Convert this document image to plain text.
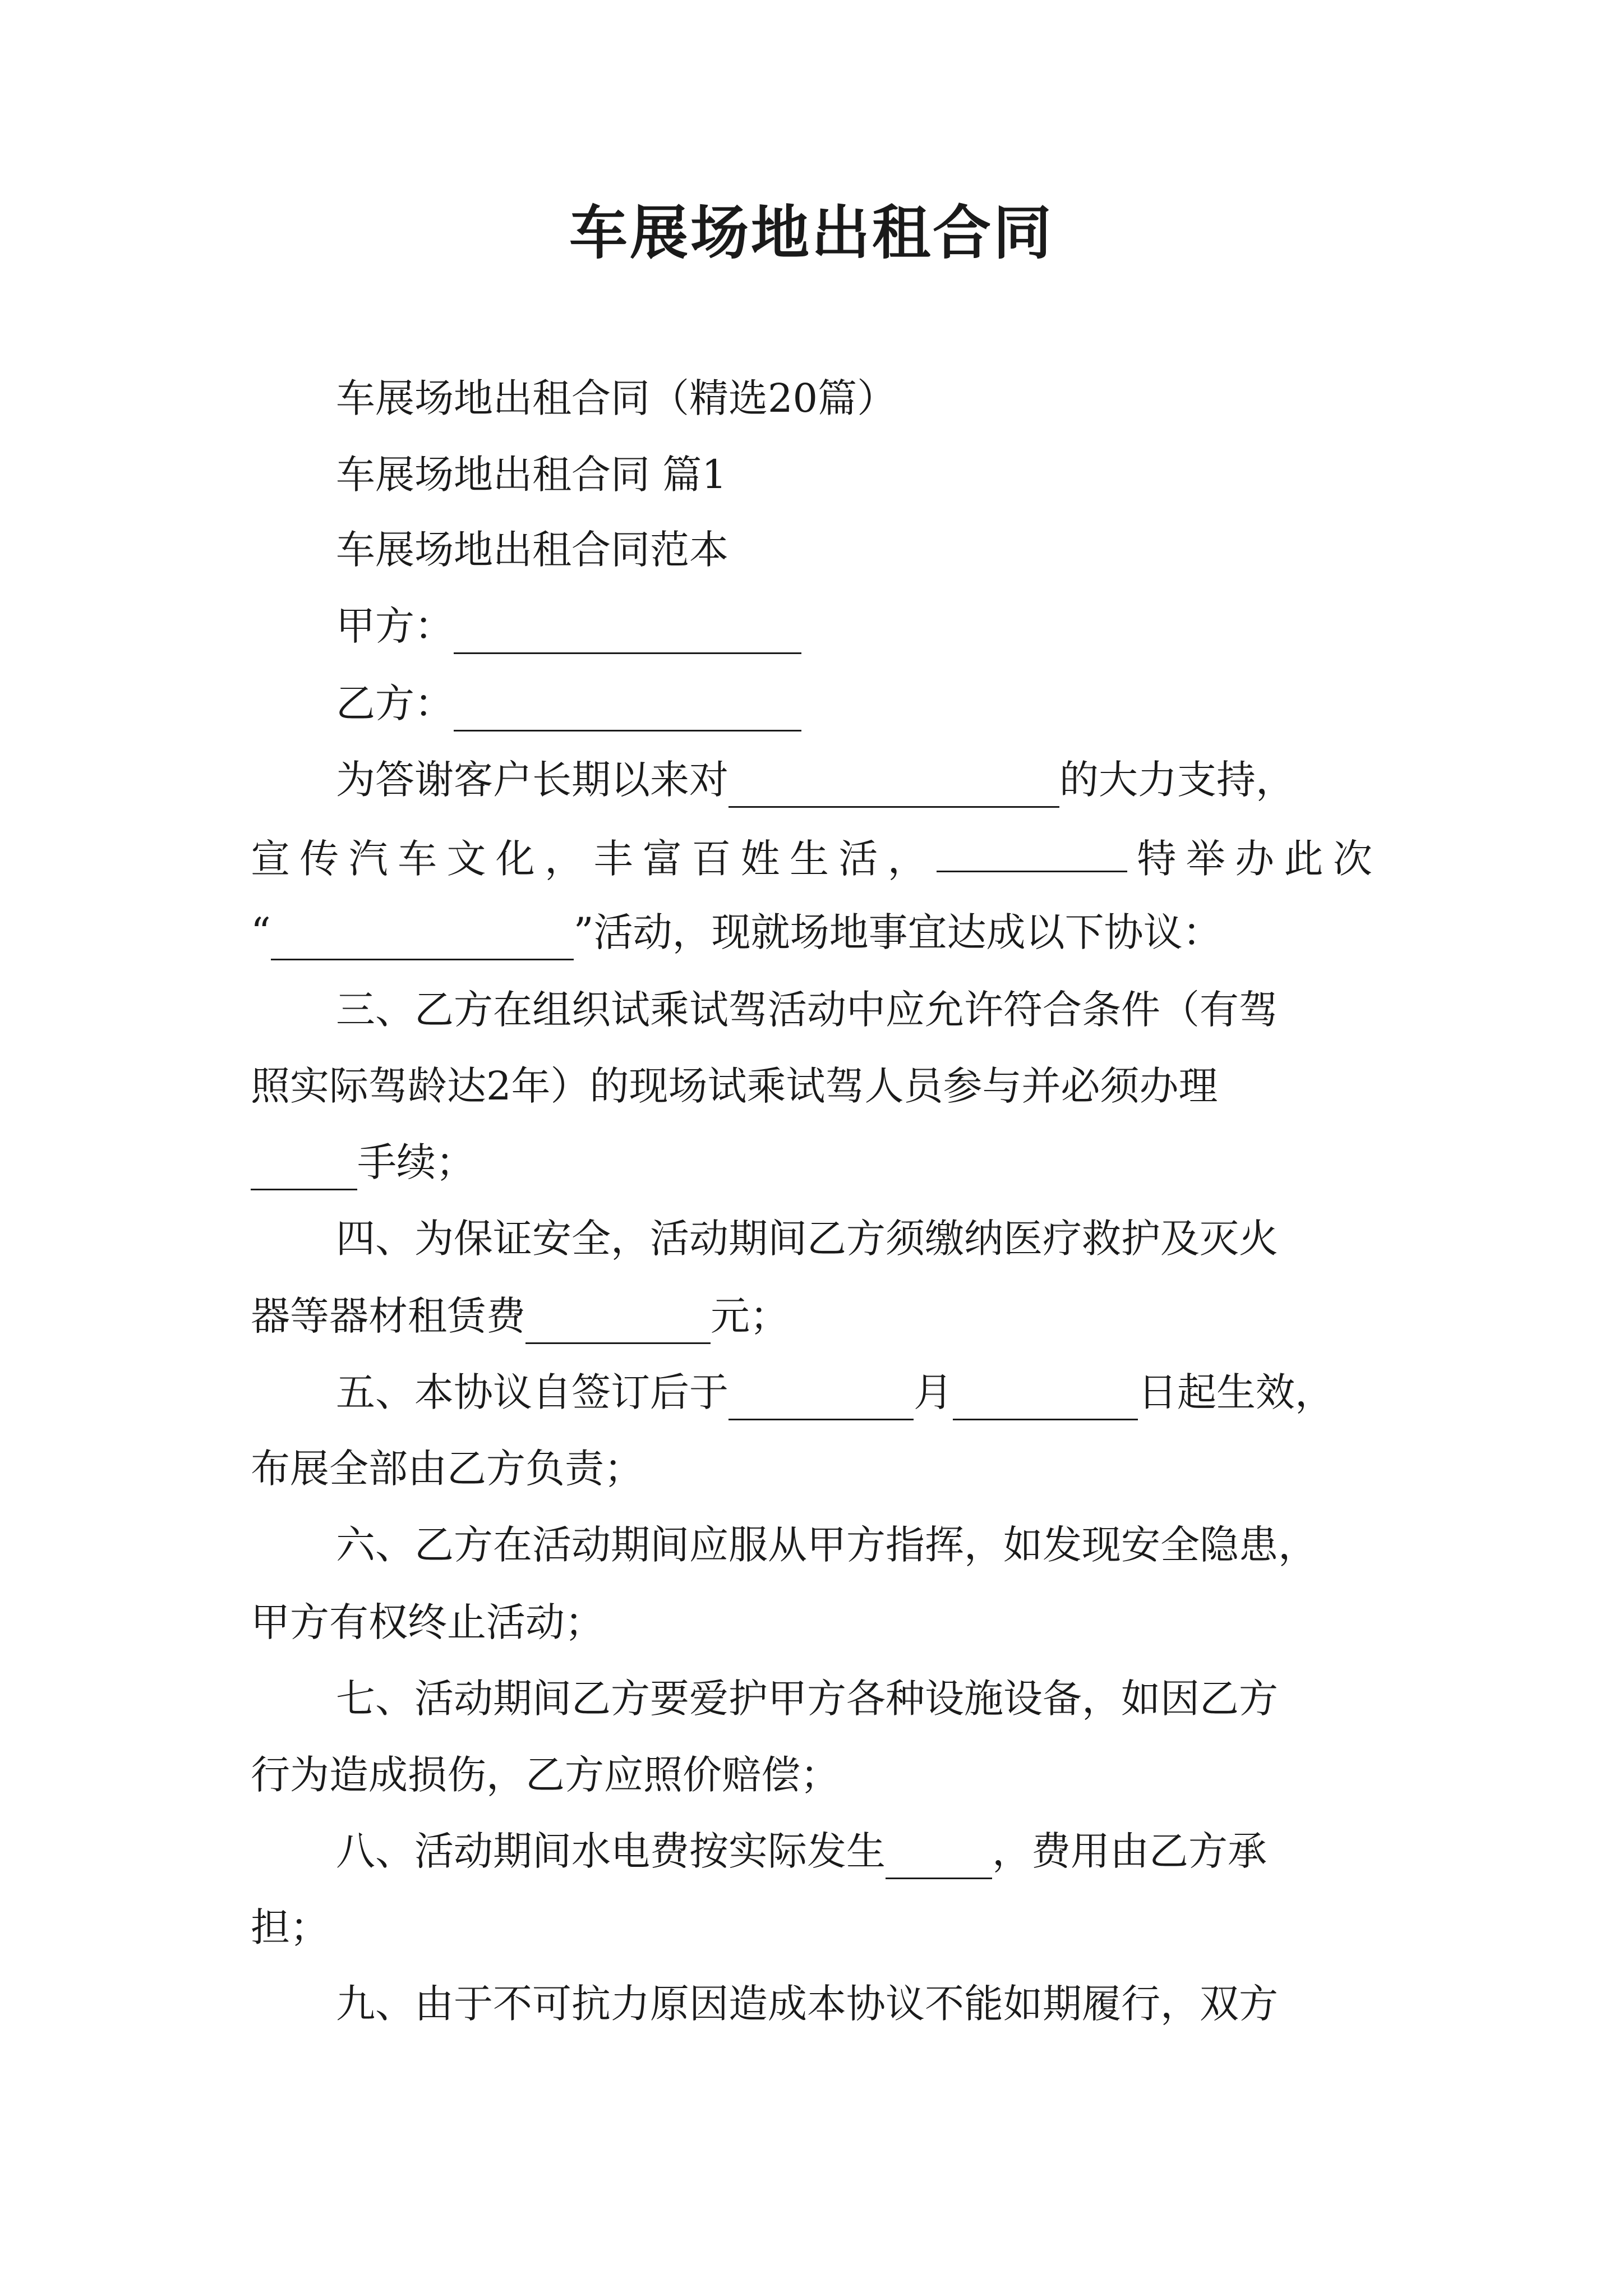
车展场地出租合同
车展场地出租合同（精选20篇）
车展场地出租合同 篇1
车展场地出租合同范本
甲方：
乙方：
为答谢客户长期以来对	的大力支持，
宣 传 汽 车 文 化 ， 丰 富 百 姓 生 活 ，	特 举 办 此 次
“	”活动，现就场地事宜达成以下协议：
三、乙方在组织试乘试驾活动中应允许符合条件（有驾
照实际驾龄达2年）的现场试乘试驾人员参与并必须办理
手续；
四、为保证安全，活动期间乙方须缴纳医疗救护及灭火
器等器材租赁费	元；
五、本协议自签订后于	月	日起生效，
布展全部由乙方负责；
六、乙方在活动期间应服从甲方指挥，如发现安全隐患，
甲方有权终止活动；
七、活动期间乙方要爱护甲方各种设施设备，如因乙方
行为造成损伤，乙方应照价赔偿；
八、活动期间水电费按实际发生	，费用由乙方承
担；
九、由于不可抗力原因造成本协议不能如期履行，双方
